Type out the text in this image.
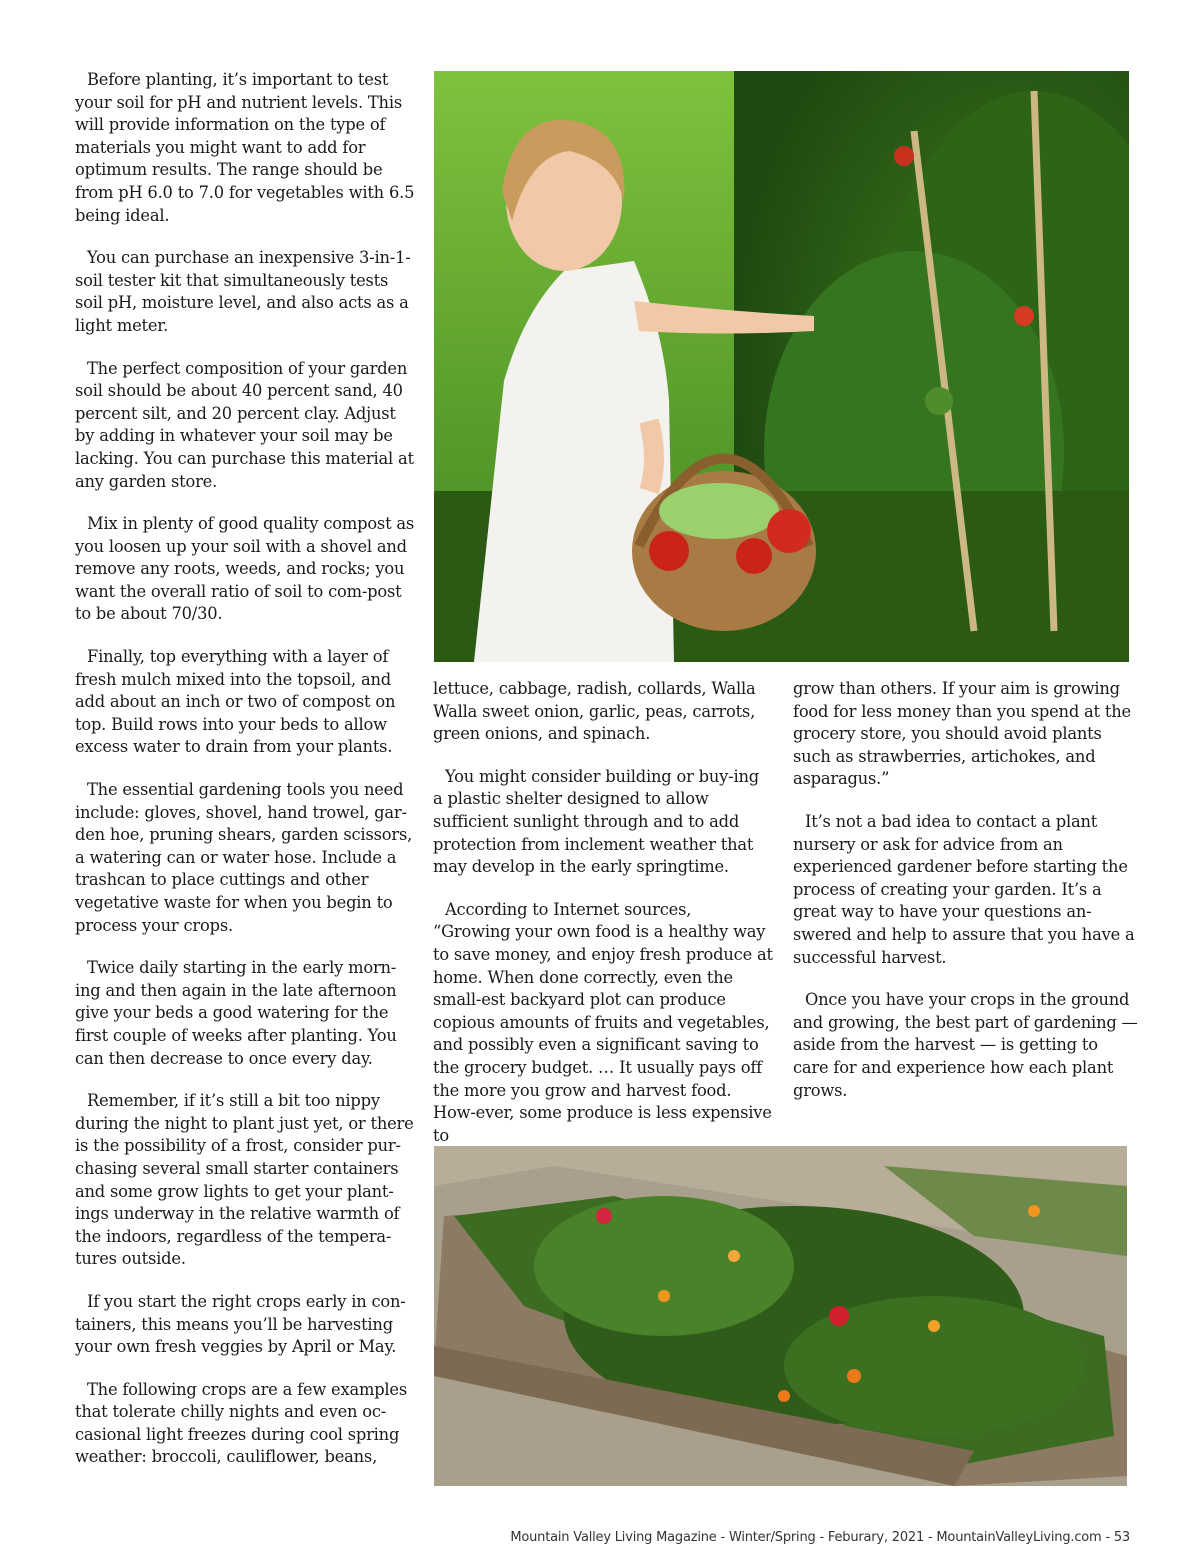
Before planting, it’s important to test your soil for pH and nutrient levels. This will provide information on the type of materials you might want to add for optimum results. The range should be from pH 6.0 to 7.0 for vegetables with 6.5 being ideal.

You can purchase an inexpensive 3-in-1-soil tester kit that simultaneously tests soil pH, moisture level, and also acts as a light meter.

The perfect composition of your garden soil should be about 40 percent sand, 40 percent silt, and 20 percent clay. Adjust by adding in whatever your soil may be lacking. You can purchase this material at any garden store.

Mix in plenty of good quality compost as you loosen up your soil with a shovel and remove any roots, weeds, and rocks; you want the overall ratio of soil to com-post to be about 70/30.

Finally, top everything with a layer of fresh mulch mixed into the topsoil, and add about an inch or two of compost on top. Build rows into your beds to allow excess water to drain from your plants.

The essential gardening tools you need include: gloves, shovel, hand trowel, gar-den hoe, pruning shears, garden scissors, a watering can or water hose. Include a trashcan to place cuttings and other vegetative waste for when you begin to process your crops.

Twice daily starting in the early morn-ing and then again in the late afternoon give your beds a good watering for the first couple of weeks after planting. You can then decrease to once every day.

Remember, if it’s still a bit too nippy during the night to plant just yet, or there is the possibility of a frost, consider pur-chasing several small starter containers and some grow lights to get your plant-ings underway in the relative warmth of the indoors, regardless of the tempera-tures outside.

If you start the right crops early in con-tainers, this means you’ll be harvesting your own fresh veggies by April or May.

The following crops are a few examples that tolerate chilly nights and even oc-casional light freezes during cool spring weather: broccoli, cauliflower, beans,

lettuce, cabbage, radish, collards, Walla Walla sweet onion, garlic, peas, carrots, green onions, and spinach.

You might consider building or buy-ing a plastic shelter designed to allow sufficient sunlight through and to add protection from inclement weather that may develop in the early springtime.

According to Internet sources, “Growing your own food is a healthy way to save money, and enjoy fresh produce at home. When done correctly, even the small-est backyard plot can produce copious amounts of fruits and vegetables, and possibly even a significant saving to the grocery budget. … It usually pays off the more you grow and harvest food. How-ever, some produce is less expensive to

grow than others. If your aim is growing food for less money than you spend at the grocery store, you should avoid plants such as strawberries, artichokes, and asparagus.”

It’s not a bad idea to contact a plant nursery or ask for advice from an experienced gardener before starting the process of creating your garden. It’s a great way to have your questions an-swered and help to assure that you have a successful harvest.

Once you have your crops in the ground and growing, the best part of gardening — aside from the harvest — is getting to care for and experience how each plant grows.

Mountain Valley Living Magazine - Winter/Spring - Feburary, 2021 - MountainValleyLiving.com - 53
